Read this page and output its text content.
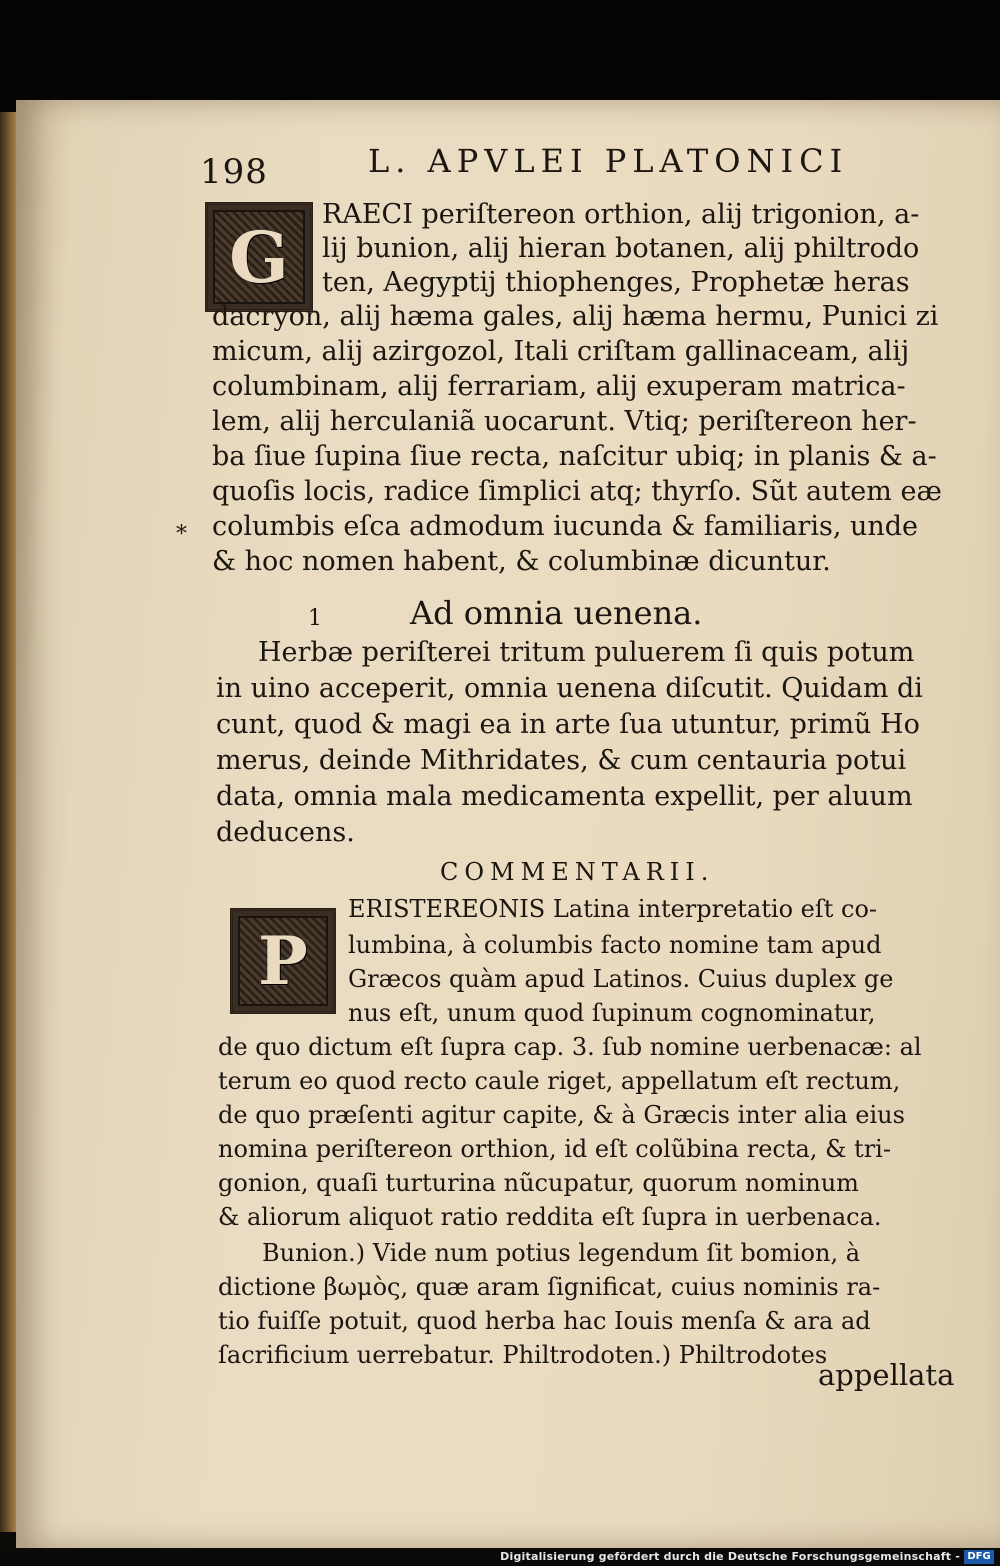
198	L. APVLEI PLATONICI
G
RAECI periſtereon orthion, alij trigonion, a-
lij bunion, alij hieran botanen, alij philtrodo
ten, Aegyptij thiophenges, Prophetæ heras
dacryon, alij hæma gales, alij hæma hermu, Punici zi
micum, alij azirgozol, Itali criſtam gallinaceam, alij
columbinam, alij ferrariam, alij exuperam matrica-
lem, alij herculaniã uocarunt. Vtiq; periſtereon her-
ba ſiue ſupina ſiue recta, naſcitur ubiq; in planis & a-
quoſis locis, radice ſimplici atq; thyrſo. Sũt autem eæ
columbis eſca admodum iucunda & familiaris, unde
& hoc nomen habent, & columbinæ dicuntur.
*
1	Ad omnia uenena.
Herbæ periſterei tritum puluerem ſi quis potum
in uino acceperit, omnia uenena diſcutit. Quidam di
cunt, quod & magi ea in arte ſua utuntur, primũ Ho
merus, deinde Mithridates, & cum centauria potui
data, omnia mala medicamenta expellit, per aluum
deducens.
COMMENTARII.
P
ERISTEREONIS Latina interpretatio eſt co-
lumbina, à columbis facto nomine tam apud
Græcos quàm apud Latinos. Cuius duplex ge
nus eſt, unum quod ſupinum cognominatur,
de quo dictum eſt ſupra cap. 3. ſub nomine uerbenacæ: al
terum eo quod recto caule riget, appellatum eſt rectum,
de quo præſenti agitur capite, & à Græcis inter alia eius
nomina periſtereon orthion, id eſt colũbina recta, & tri-
gonion, quaſi turturina nũcupatur, quorum nominum
& aliorum aliquot ratio reddita eſt ſupra in uerbenaca.
Bunion.) Vide num potius legendum ſit bomion, à
dictione βωμὸς, quæ aram ſignificat, cuius nominis ra-
tio fuiſſe potuit, quod herba hac Iouis menſa & ara ad
ſacrificium uerrebatur. Philtrodoten.) Philtrodotes
appellata
Digitalisierung gefördert durch die Deutsche Forschungsgemeinschaft - DFG
